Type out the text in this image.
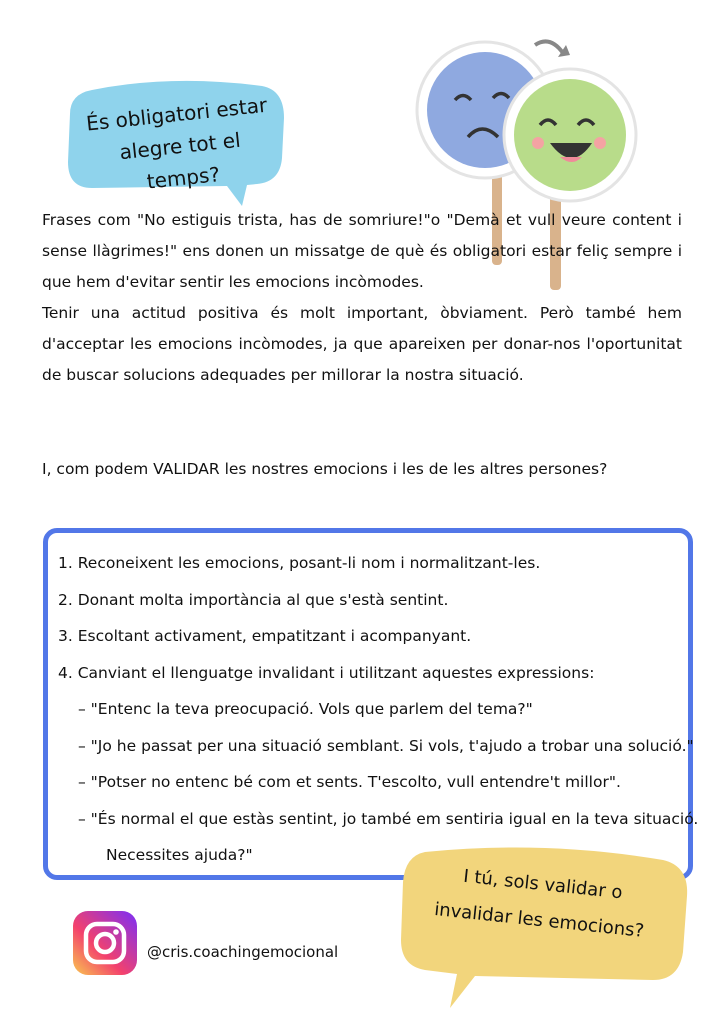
És obligatori estar
alegre tot el temps?

Frases com "No estiguis trista, has de somriure!"o "Demà et vull veure content i sense llàgrimes!" ens donen un missatge de què és obligatori estar feliç sempre i que hem d'evitar sentir les emocions incòmodes.

Tenir una actitud positiva és molt important, òbviament. Però també hem d'acceptar les emocions incòmodes, ja que apareixen per donar-nos l'oportunitat de buscar solucions adequades per millorar la nostra situació.

I, com podem VALIDAR les nostres emocions i les de les altres persones?
1. Reconeixent les emocions, posant-li nom i normalitzant-les.
2. Donant molta importància al que s'està sentint.
3. Escoltant activament, empatitzant i acompanyant.
4. Canviant el llenguatge invalidant i utilitzant aquestes expressions:
– "Entenc la teva preocupació. Vols que parlem del tema?"
– "Jo he passat per una situació semblant. Si vols, t'ajudo a trobar una solució."
– "Potser no entenc bé com et sents. T'escolto, vull entendre't millor".
– "És normal el que estàs sentint, jo també em sentiria igual en la teva situació.
Necessites ajuda?"
I tú, sols validar o
invalidar les emocions?
@cris.coachingemocional
